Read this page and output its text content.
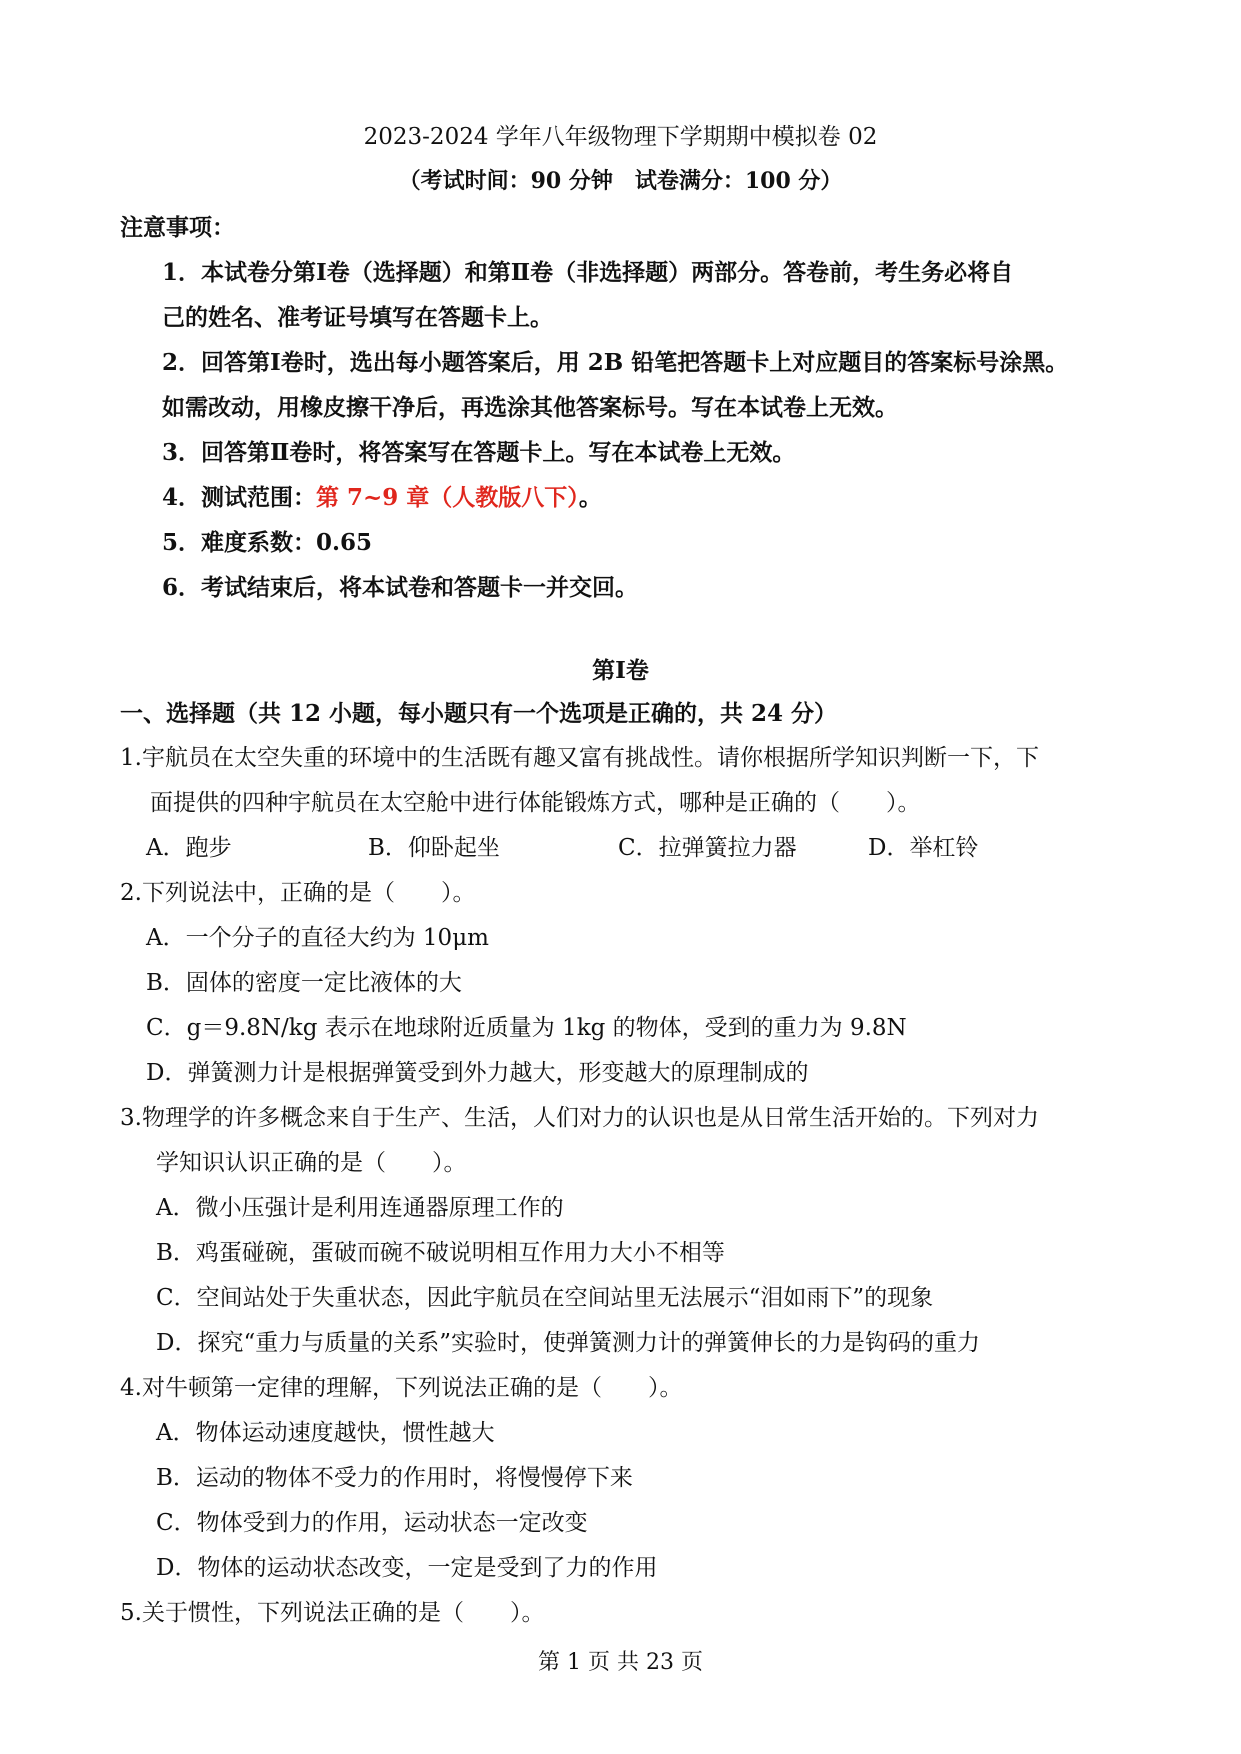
2023-2024 学年八年级物理下学期期中模拟卷 02
（考试时间：90 分钟　试卷满分：100 分）
注意事项：
1．本试卷分第Ⅰ卷（选择题）和第Ⅱ卷（非选择题）两部分。答卷前，考生务必将自
己的姓名、准考证号填写在答题卡上。
2．回答第Ⅰ卷时，选出每小题答案后，用 2B 铅笔把答题卡上对应题目的答案标号涂黑。
如需改动，用橡皮擦干净后，再选涂其他答案标号。写在本试卷上无效。
3．回答第Ⅱ卷时，将答案写在答题卡上。写在本试卷上无效。
4．测试范围：第 7~9 章（人教版八下）。
5．难度系数：0.65
6．考试结束后，将本试卷和答题卡一并交回。
第Ⅰ卷
一、选择题（共 12 小题，每小题只有一个选项是正确的，共 24 分）
1.宇航员在太空失重的环境中的生活既有趣又富有挑战性。请你根据所学知识判断一下，下
面提供的四种宇航员在太空舱中进行体能锻炼方式，哪种是正确的（　　）。
A．跑步	B．仰卧起坐	C．拉弹簧拉力器	D．举杠铃
2.下列说法中，正确的是（　　）。
A．一个分子的直径大约为 10μm
B．固体的密度一定比液体的大
C．g＝9.8N/kg 表示在地球附近质量为 1kg 的物体，受到的重力为 9.8N
D．弹簧测力计是根据弹簧受到外力越大，形变越大的原理制成的
3.物理学的许多概念来自于生产、生活，人们对力的认识也是从日常生活开始的。下列对力
学知识认识正确的是（　　）。
A．微小压强计是利用连通器原理工作的
B．鸡蛋碰碗，蛋破而碗不破说明相互作用力大小不相等
C．空间站处于失重状态，因此宇航员在空间站里无法展示“泪如雨下”的现象
D．探究“重力与质量的关系”实验时，使弹簧测力计的弹簧伸长的力是钩码的重力
4.对牛顿第一定律的理解，下列说法正确的是（　　）。
A．物体运动速度越快，惯性越大
B．运动的物体不受力的作用时，将慢慢停下来
C．物体受到力的作用，运动状态一定改变
D．物体的运动状态改变，一定是受到了力的作用
5.关于惯性，下列说法正确的是（　　）。
第 1 页 共 23 页
